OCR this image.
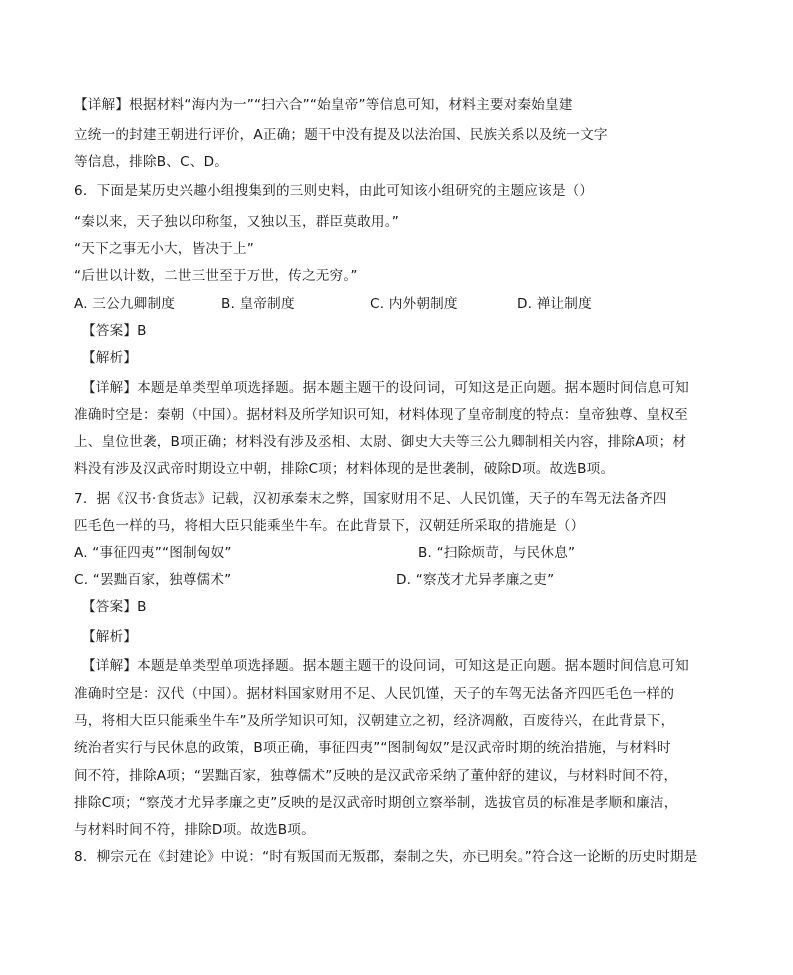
【详解】根据材料“海内为一”“扫六合”“始皇帝”等信息可知，材料主要对秦始皇建
立统一的封建王朝进行评价，A正确；题干中没有提及以法治国、民族关系以及统一文字
等信息，排除B、C、D。
6．下面是某历史兴趣小组搜集到的三则史料，由此可知该小组研究的主题应该是（）
“秦以来，天子独以印称玺，又独以玉，群臣莫敢用。”
“天下之事无小大，皆决于上”
“后世以计数，二世三世至于万世，传之无穷。”
A. 三公九卿制度	B. 皇帝制度	C. 内外朝制度	D. 禅让制度
【答案】B
【解析】
【详解】本题是单类型单项选择题。据本题主题干的设问词，可知这是正向题。据本题时间信息可知
准确时空是：秦朝（中国）。据材料及所学知识可知，材料体现了皇帝制度的特点：皇帝独尊、皇权至
上、皇位世袭，B项正确；材料没有涉及丞相、太尉、御史大夫等三公九卿制相关内容，排除A项；材
料没有涉及汉武帝时期设立中朝，排除C项；材料体现的是世袭制，破除D项。故选B项。
7．据《汉书·食货志》记载，汉初承秦末之弊，国家财用不足、人民饥馑，天子的车驾无法备齐四
匹毛色一样的马，将相大臣只能乘坐牛车。在此背景下，汉朝廷所采取的措施是（）
A. “事征四夷”“图制匈奴”	B. “扫除烦苛，与民休息”
C. “罢黜百家，独尊儒术”	D. “察茂才尤异孝廉之吏”
【答案】B
【解析】
【详解】本题是单类型单项选择题。据本题主题干的设问词，可知这是正向题。据本题时间信息可知
准确时空是：汉代（中国）。据材料国家财用不足、人民饥馑，天子的车驾无法备齐四匹毛色一样的
马，将相大臣只能乘坐牛车”及所学知识可知，汉朝建立之初，经济凋敝，百废待兴，在此背景下，
统治者实行与民休息的政策，B项正确，事征四夷”“图制匈奴”是汉武帝时期的统治措施，与材料时
间不符，排除A项；“罢黜百家，独尊儒术”反映的是汉武帝采纳了董仲舒的建议，与材料时间不符，
排除C项；“察茂才尤异孝廉之吏”反映的是汉武帝时期创立察举制，选拔官员的标准是孝顺和廉洁，
与材料时间不符，排除D项。故选B项。
8．柳宗元在《封建论》中说：“时有叛国而无叛郡，秦制之失，亦已明矣。”符合这一论断的历史时期是
